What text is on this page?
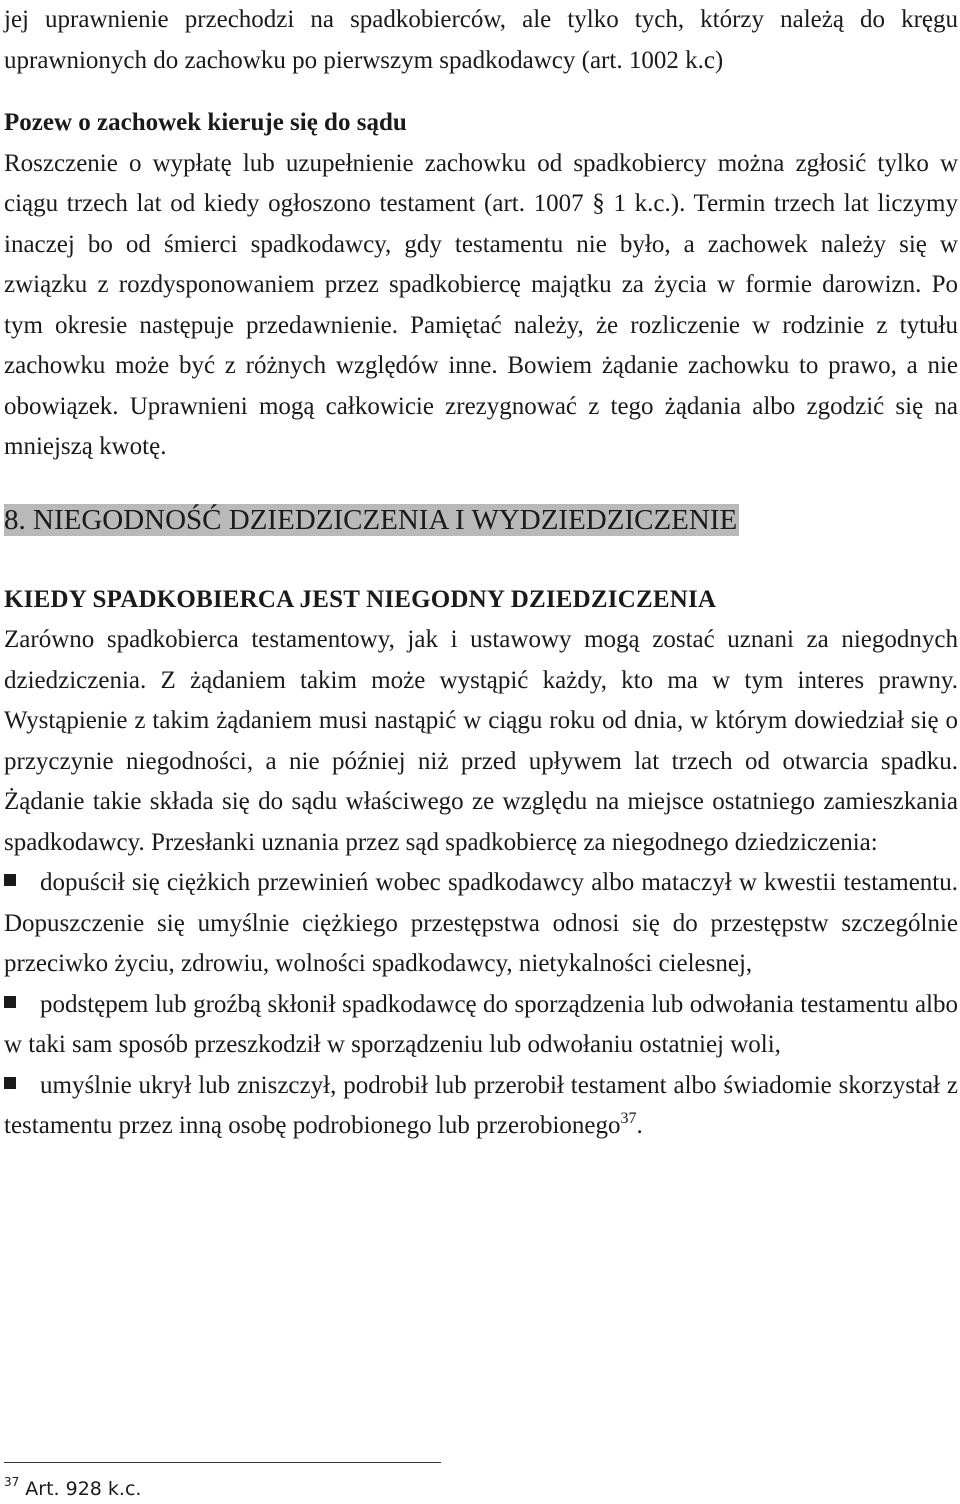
jej uprawnienie przechodzi na spadkobierców, ale tylko tych, którzy należą do kręgu uprawnionych do zachowku po pierwszym spadkodawcy (art. 1002 k.c)

Pozew o zachowek kieruje się do sądu

Roszczenie o wypłatę lub uzupełnienie zachowku od spadkobiercy można zgłosić tylko w ciągu trzech lat od kiedy ogłoszono testament (art. 1007 § 1 k.c.). Termin trzech lat liczymy inaczej bo od śmierci spadkodawcy, gdy testamentu nie było, a zachowek należy się w związku z rozdysponowaniem przez spadkobiercę majątku za życia w formie darowizn. Po tym okresie następuje przedawnienie. Pamiętać należy, że rozliczenie w rodzinie z tytułu zachowku może być z różnych względów inne. Bowiem żądanie zachowku to prawo, a nie obowiązek. Uprawnieni mogą całkowicie zrezygnować z tego żądania albo zgodzić się na mniejszą kwotę.

8. NIEGODNOŚĆ DZIEDZICZENIA I WYDZIEDZICZENIE
KIEDY SPADKOBIERCA JEST NIEGODNY DZIEDZICZENIA

Zarówno spadkobierca testamentowy, jak i ustawowy mogą zostać uznani za niegodnych dziedziczenia. Z żądaniem takim może wystąpić każdy, kto ma w tym interes prawny. Wystąpienie z takim żądaniem musi nastąpić w ciągu roku od dnia, w którym dowiedział się o przyczynie niegodności, a nie później niż przed upływem lat trzech od otwarcia spadku. Żądanie takie składa się do sądu właściwego ze względu na miejsce ostatniego zamieszkania spadkodawcy. Przesłanki uznania przez sąd spadkobiercę za niegodnego dziedziczenia:

dopuścił się ciężkich przewinień wobec spadkodawcy albo mataczył w kwestii testamentu. Dopuszczenie się umyślnie ciężkiego przestępstwa odnosi się do przestępstw szczególnie przeciwko życiu, zdrowiu, wolności spadkodawcy, nietykalności cielesnej,
podstępem lub groźbą skłonił spadkodawcę do sporządzenia lub odwołania testamentu albo w taki sam sposób przeszkodził w sporządzeniu lub odwołaniu ostatniej woli,
umyślnie ukrył lub zniszczył, podrobił lub przerobił testament albo świadomie skorzystał z testamentu przez inną osobę podrobionego lub przerobionego$^{37}$.
$^{37}$ Art. 928 k.c.
